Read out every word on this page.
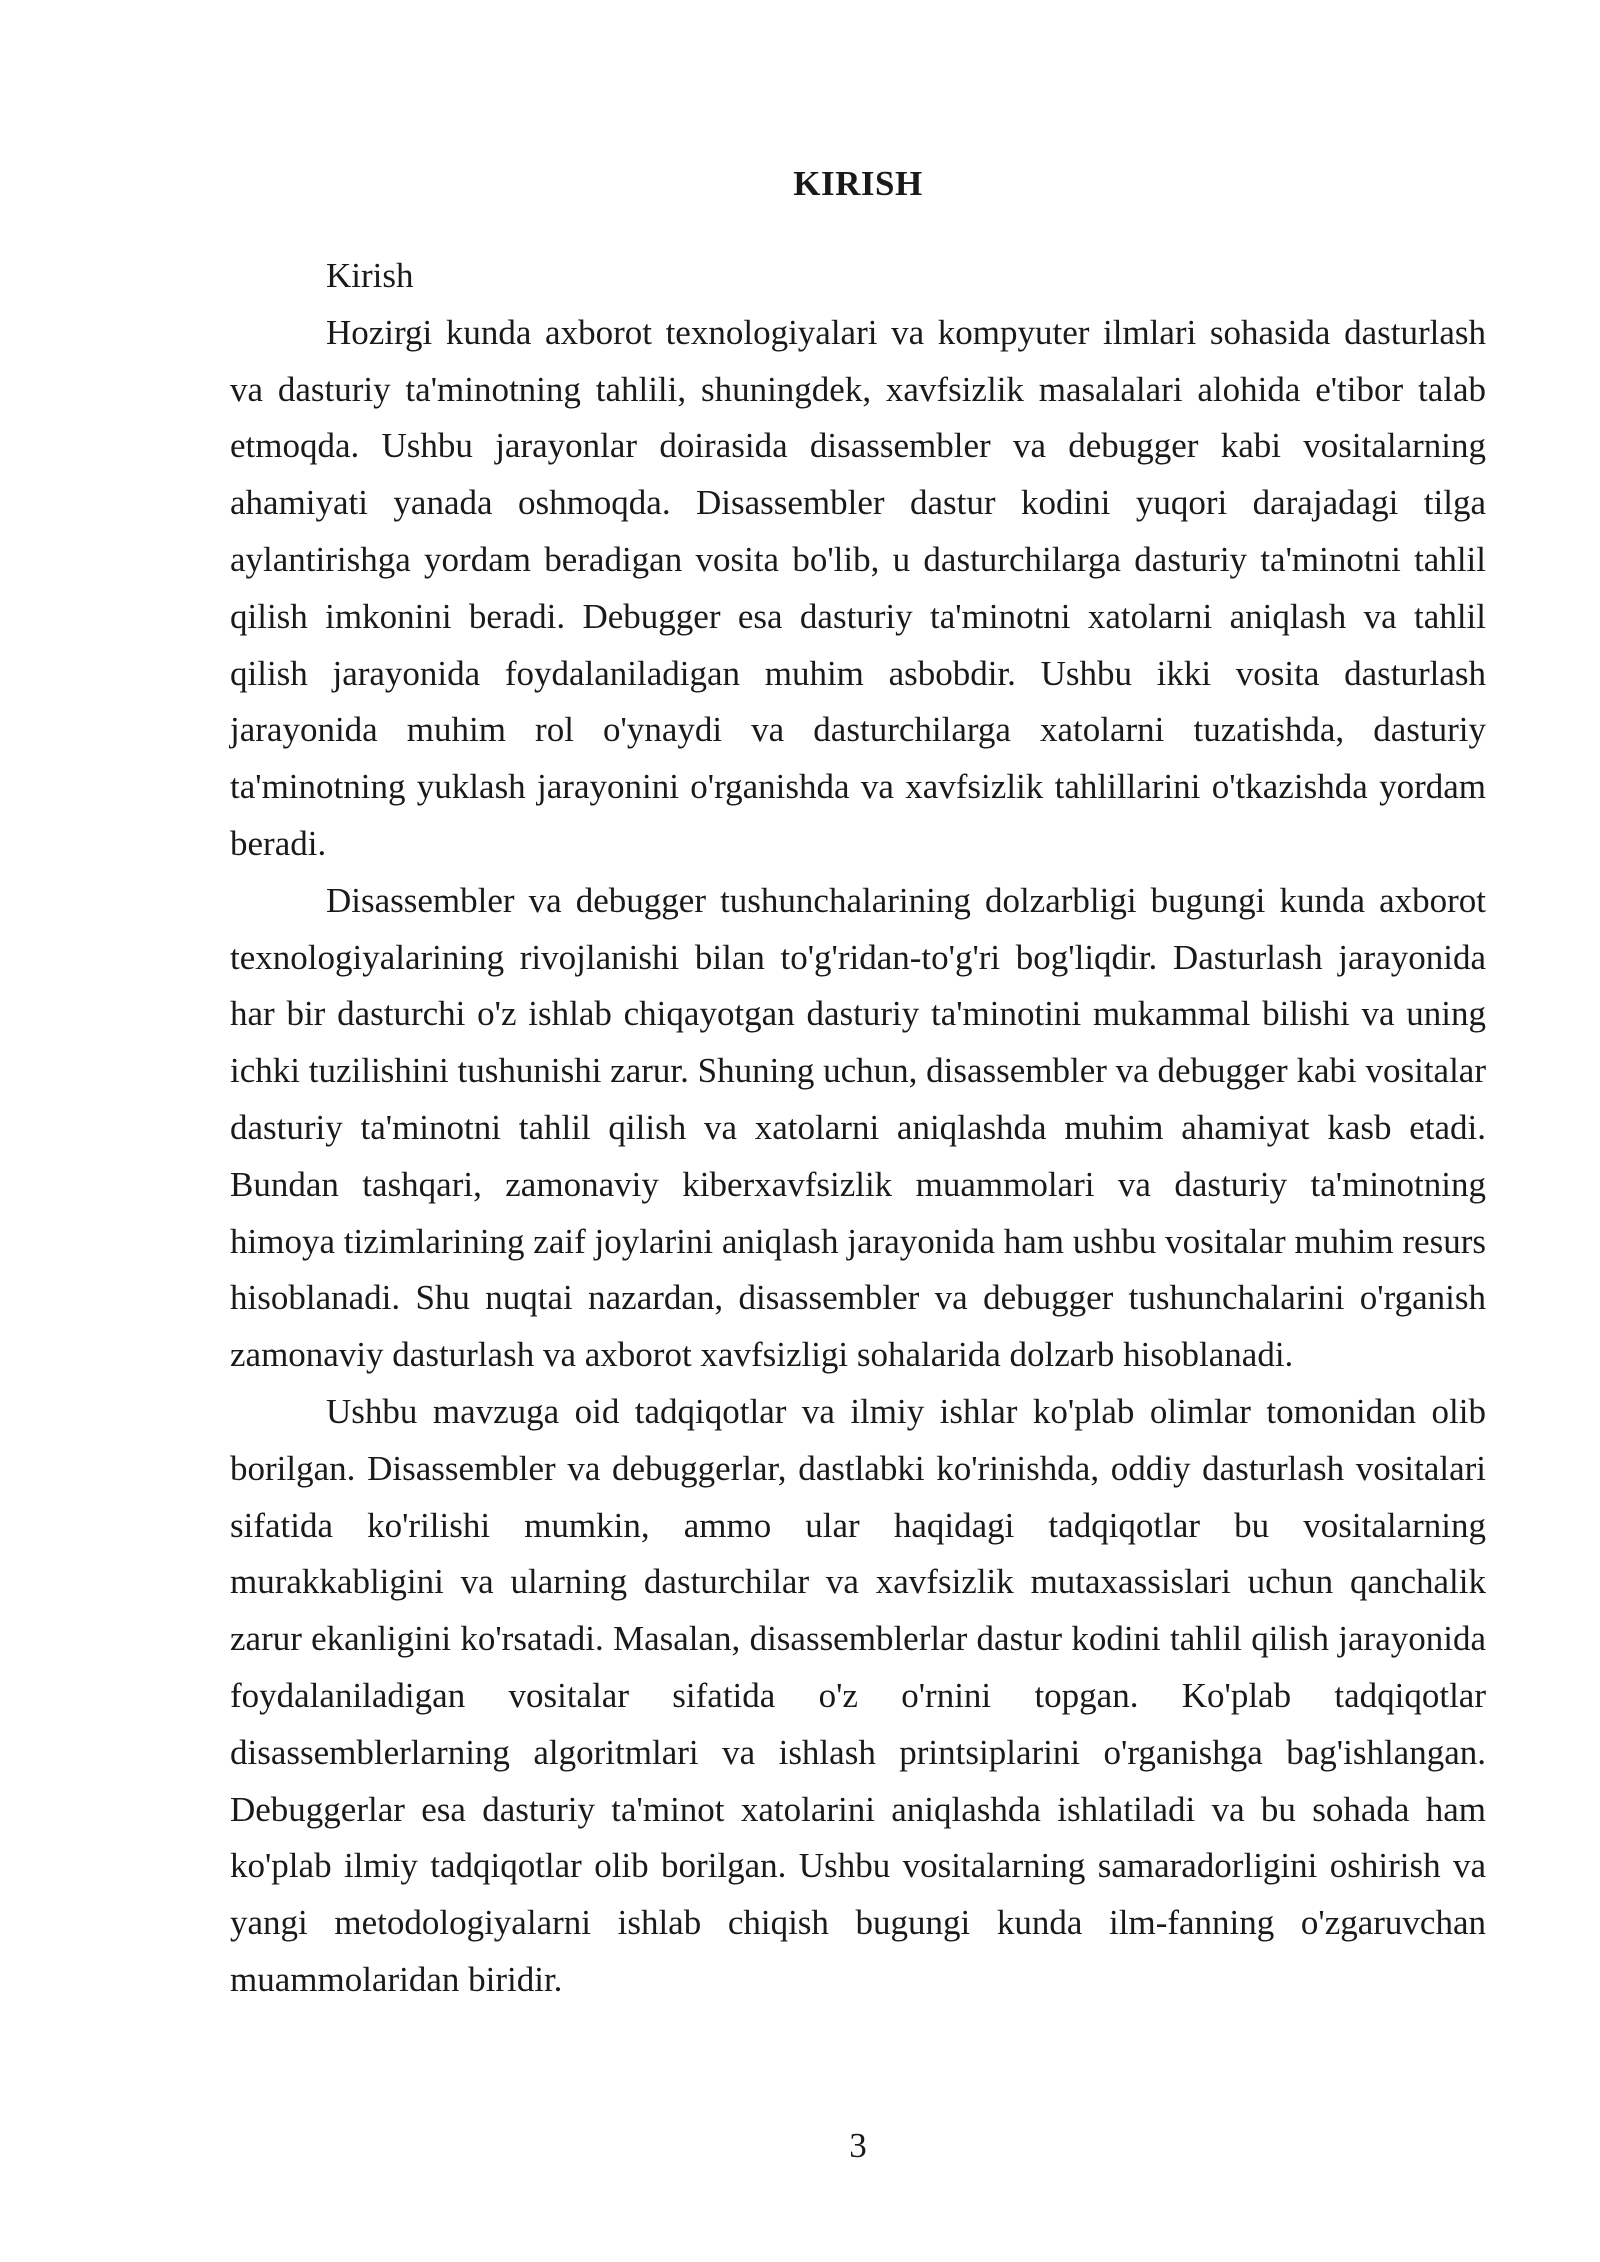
KIRISH

Kirish

Hozirgi kunda axborot texnologiyalari va kompyuter ilmlari sohasida dasturlash va dasturiy ta'minotning tahlili, shuningdek, xavfsizlik masalalari alohida e'tibor talab etmoqda. Ushbu jarayonlar doirasida disassembler va debugger kabi vositalarning ahamiyati yanada oshmoqda. Disassembler dastur kodini yuqori darajadagi tilga aylantirishga yordam beradigan vosita bo'lib, u dasturchilarga dasturiy ta'minotni tahlil qilish imkonini beradi. Debugger esa dasturiy ta'minotni xatolarni aniqlash va tahlil qilish jarayonida foydalaniladigan muhim asbobdir. Ushbu ikki vosita dasturlash jarayonida muhim rol o'ynaydi va dasturchilarga xatolarni tuzatishda, dasturiy ta'minotning yuklash jarayonini o'rganishda va xavfsizlik tahlillarini o'tkazishda yordam beradi.

Disassembler va debugger tushunchalarining dolzarbligi bugungi kunda axborot texnologiyalarining rivojlanishi bilan to'g'ridan-to'g'ri bog'liqdir. Dasturlash jarayonida har bir dasturchi o'z ishlab chiqayotgan dasturiy ta'minotini mukammal bilishi va uning ichki tuzilishini tushunishi zarur. Shuning uchun, disassembler va debugger kabi vositalar dasturiy ta'minotni tahlil qilish va xatolarni aniqlashda muhim ahamiyat kasb etadi. Bundan tashqari, zamonaviy kiberxavfsizlik muammolari va dasturiy ta'minotning himoya tizimlarining zaif joylarini aniqlash jarayonida ham ushbu vositalar muhim resurs hisoblanadi. Shu nuqtai nazardan, disassembler va debugger tushunchalarini o'rganish zamonaviy dasturlash va axborot xavfsizligi sohalarida dolzarb hisoblanadi.

Ushbu mavzuga oid tadqiqotlar va ilmiy ishlar ko'plab olimlar tomonidan olib borilgan. Disassembler va debuggerlar, dastlabki ko'rinishda, oddiy dasturlash vositalari sifatida ko'rilishi mumkin, ammo ular haqidagi tadqiqotlar bu vositalarning murakkabligini va ularning dasturchilar va xavfsizlik mutaxassislari uchun qanchalik zarur ekanligini ko'rsatadi. Masalan, disassemblerlar dastur kodini tahlil qilish jarayonida foydalaniladigan vositalar sifatida o'z o'rnini topgan. Ko'plab tadqiqotlar disassemblerlarning algoritmlari va ishlash printsiplarini o'rganishga bag'ishlangan. Debuggerlar esa dasturiy ta'minot xatolarini aniqlashda ishlatiladi va bu sohada ham ko'plab ilmiy tadqiqotlar olib borilgan. Ushbu vositalarning samaradorligini oshirish va yangi metodologiyalarni ishlab chiqish bugungi kunda ilm-fanning o'zgaruvchan muammolaridan biridir.

3
